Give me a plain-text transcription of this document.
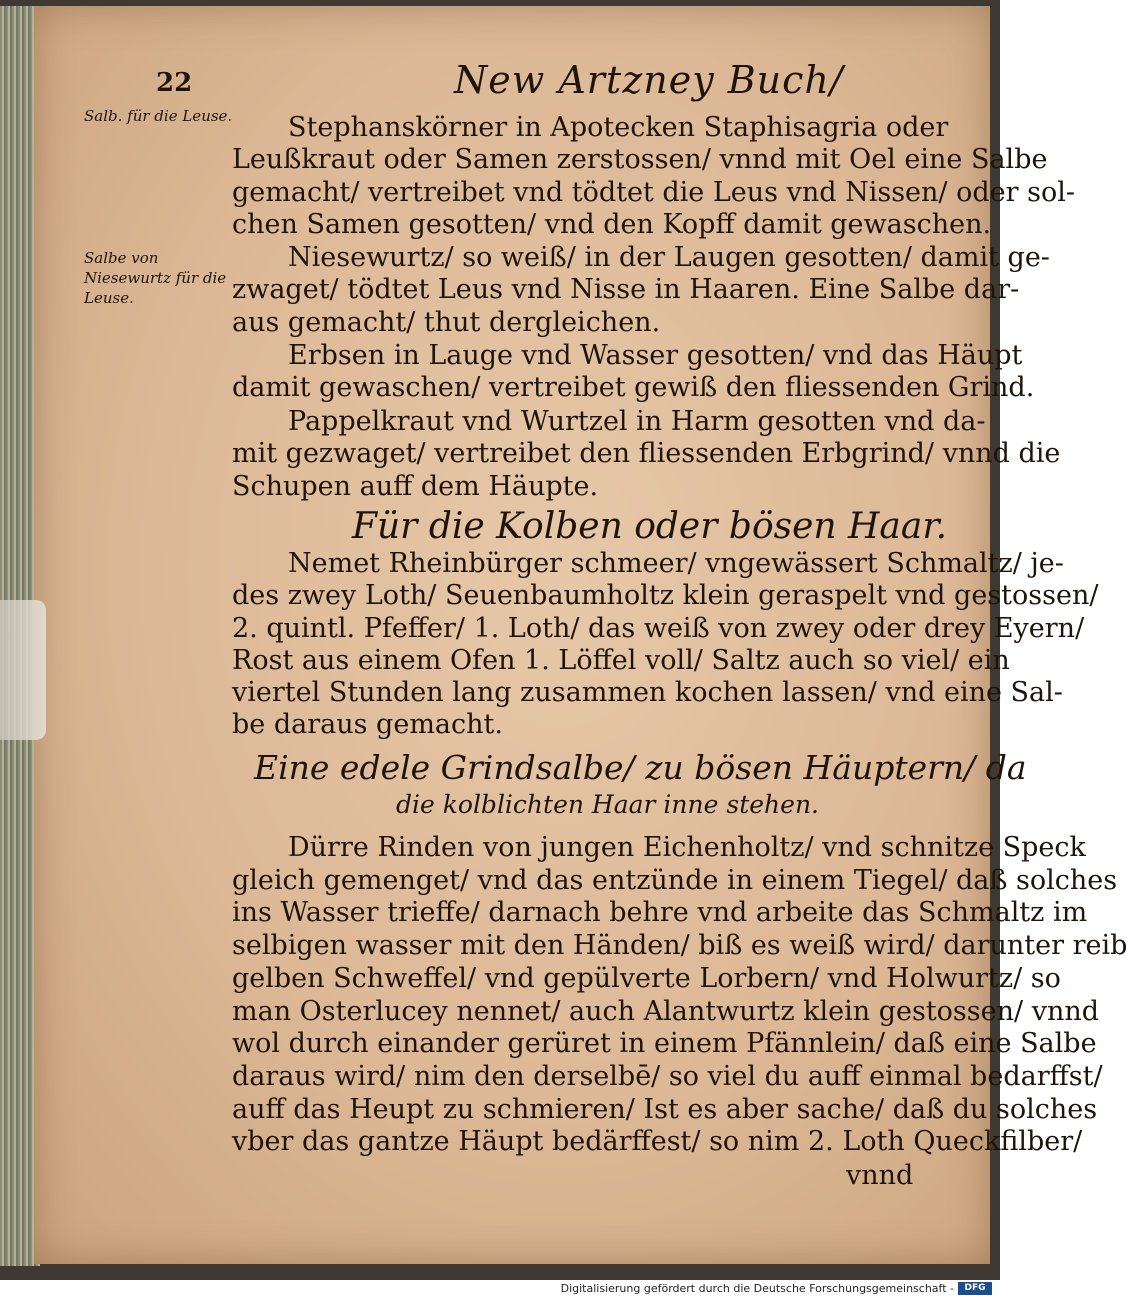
22	New Artzney Buch/
Salb. für die Leuse.
Salbe von Niesewurtz für die Leuse.
Stephanskörner in Apotecken Staphisagria oder
Leußkraut oder Samen zerstossen/ vnnd mit Oel eine Salbe
gemacht/ vertreibet vnd tödtet die Leus vnd Nissen/ oder sol-
chen Samen gesotten/ vnd den Kopff damit gewaschen.
Niesewurtz/ so weiß/ in der Laugen gesotten/ damit ge-
zwaget/ tödtet Leus vnd Nisse in Haaren. Eine Salbe dar-
aus gemacht/ thut dergleichen.
Erbsen in Lauge vnd Wasser gesotten/ vnd das Häupt
damit gewaschen/ vertreibet gewiß den fliessenden Grind.
Pappelkraut vnd Wurtzel in Harm gesotten vnd da-
mit gezwaget/ vertreibet den fliessenden Erbgrind/ vnnd die
Schupen auff dem Häupte.
Für die Kolben oder bösen Haar.
Nemet Rheinbürger schmeer/ vngewässert Schmaltz/ je-
des zwey Loth/ Seuenbaumholtz klein geraspelt vnd gestossen/
2. quintl. Pfeffer/ 1. Loth/ das weiß von zwey oder drey Eyern/
Rost aus einem Ofen 1. Löffel voll/ Saltz auch so viel/ ein
viertel Stunden lang zusammen kochen lassen/ vnd eine Sal-
be daraus gemacht.
Eine edele Grindsalbe/ zu bösen Häuptern/ da
die kolblichten Haar inne stehen.
Dürre Rinden von jungen Eichenholtz/ vnd schnitze Speck
gleich gemenget/ vnd das entzünde in einem Tiegel/ daß solches
ins Wasser trieffe/ darnach behre vnd arbeite das Schmaltz im
selbigen wasser mit den Händen/ biß es weiß wird/ darunter reib
gelben Schweffel/ vnd gepülverte Lorbern/ vnd Holwurtz/ so
man Osterlucey nennet/ auch Alantwurtz klein gestossen/ vnnd
wol durch einander gerüret in einem Pfännlein/ daß eine Salbe
daraus wird/ nim den derselbē/ so viel du auff einmal bedarffst/
auff das Heupt zu schmieren/ Ist es aber sache/ daß du solches
vber das gantze Häupt bedärffest/ so nim 2. Loth Queckfilber/
vnnd
Digitalisierung gefördert durch die Deutsche Forschungsgemeinschaft -	DFG
